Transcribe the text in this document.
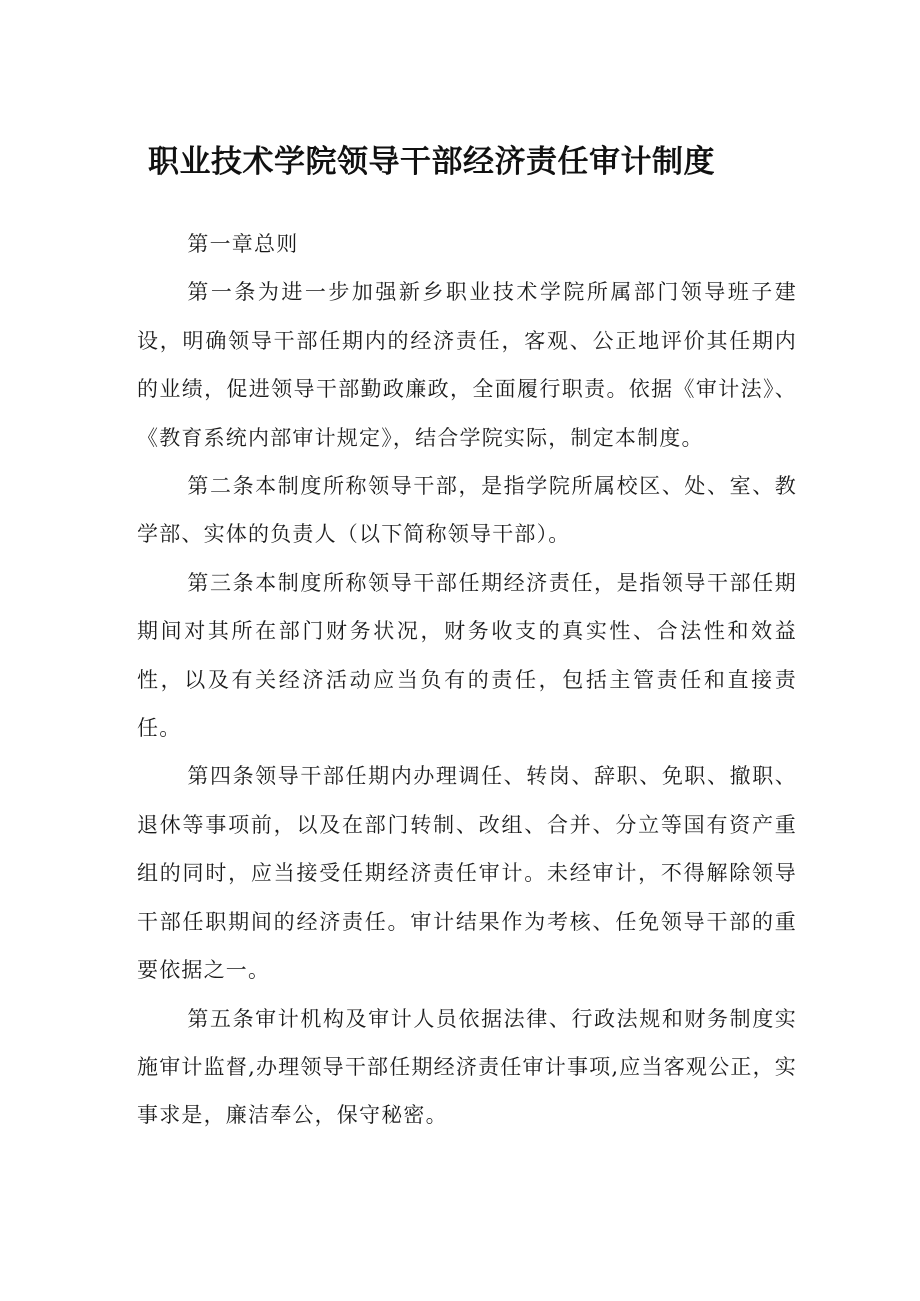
职业技术学院领导干部经济责任审计制度

第一章总则

第一条为进一步加强新乡职业技术学院所属部门领导班子建设，明确领导干部任期内的经济责任，客观、公正地评价其任期内的业绩，促进领导干部勤政廉政，全面履行职责。依据《审计法》、《教育系统内部审计规定》，结合学院实际，制定本制度。

第二条本制度所称领导干部，是指学院所属校区、处、室、教学部、实体的负责人（以下简称领导干部）。

第三条本制度所称领导干部任期经济责任，是指领导干部任期期间对其所在部门财务状况，财务收支的真实性、合法性和效益性，以及有关经济活动应当负有的责任，包括主管责任和直接责任。

第四条领导干部任期内办理调任、转岗、辞职、免职、撤职、退休等事项前，以及在部门转制、改组、合并、分立等国有资产重组的同时，应当接受任期经济责任审计。未经审计，不得解除领导干部任职期间的经济责任。审计结果作为考核、任免领导干部的重要依据之一。

第五条审计机构及审计人员依据法律、行政法规和财务制度实施审计监督,办理领导干部任期经济责任审计事项,应当客观公正，实事求是，廉洁奉公，保守秘密。
